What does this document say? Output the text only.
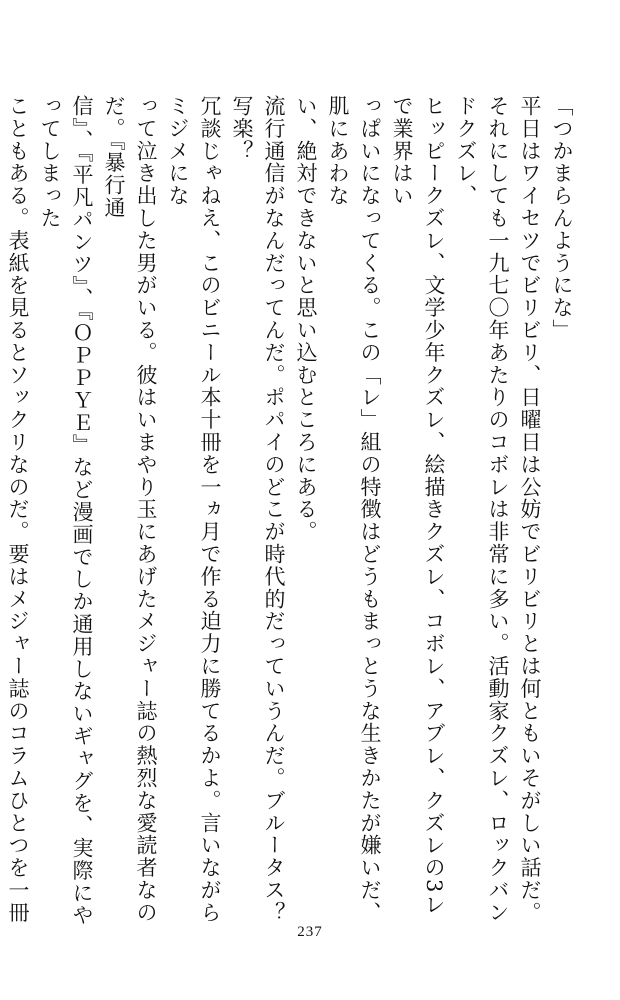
「つかまらんようにな」

平日はワイセツでビリビリ、日曜日は公妨でビリビリとは何ともいそがしい話だ。

それにしても一九七〇年あたりのコボレは非常に多い。活動家クズレ、ロックバンドクズレ、

ヒッピークズレ、文学少年クズレ、絵描きクズレ、コボレ、アブレ、クズレの3レで業界はい

っぱいになってくる。この「レ」組の特徴はどうもまっとうな生きかたが嫌いだ、肌にあわな

い、絶対できないと思い込むところにある。

流行通信がなんだってんだ。ポパイのどこが時代的だっていうんだ。ブルータス？写楽？

冗談じゃねえ、このビニール本十冊を一ヵ月で作る迫力に勝てるかよ。言いながらミジメにな

って泣き出した男がいる。彼はいまやり玉にあげたメジャー誌の熱烈な愛読者なのだ。『暴行通

信』、『平凡パンツ』、『ＯＰＰＹＥ』など漫画でしか通用しないギャグを、実際にやってしまった

こともある。表紙を見るとソックリなのだ。要はメジャー誌のコラムひとつを一冊

237
